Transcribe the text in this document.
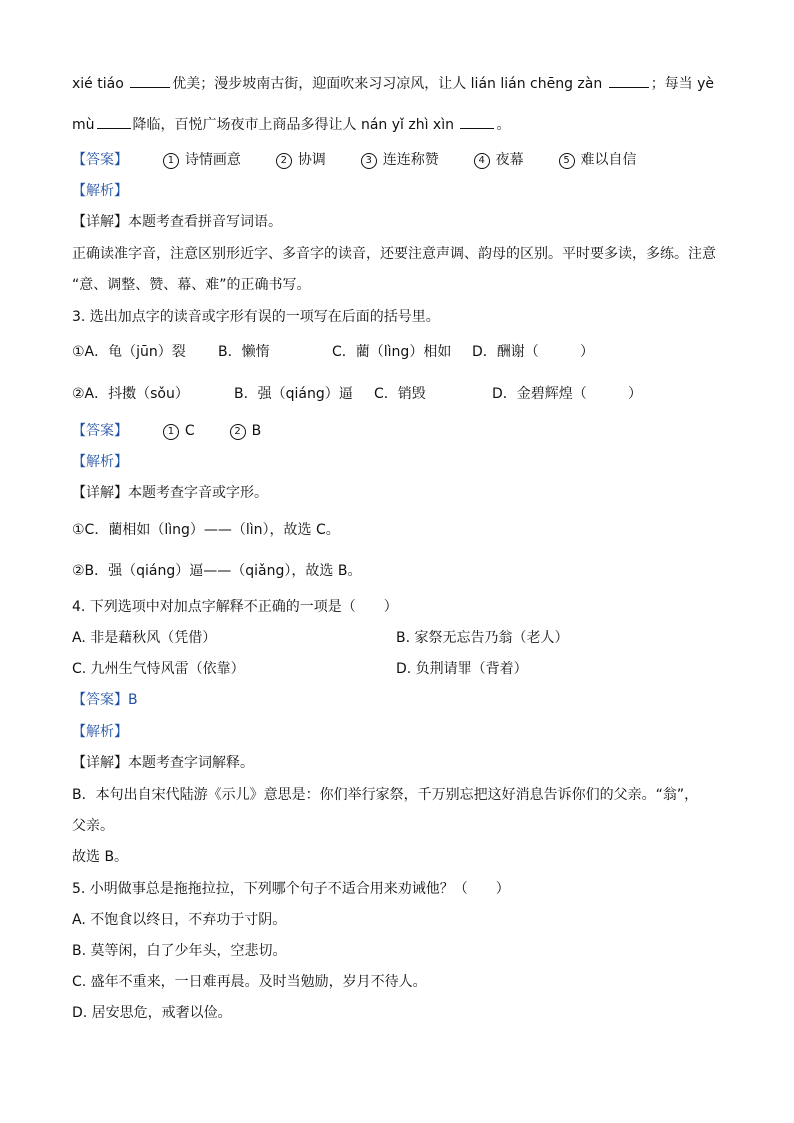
xié tiáo	优美；漫步坡南古街，迎面吹来习习凉风，让人 lián lián chēng zàn	；每当 yè
mù	降临，百悦广场夜市上商品多得让人 nán yǐ zhì xìn	。
【答案】	1 诗情画意	2 协调	3 连连称赞	4 夜幕	5 难以自信
【解析】
【详解】本题考查看拼音写词语。
正确读准字音，注意区别形近字、多音字的读音，还要注意声调、韵母的区别。平时要多读，多练。注意
“意、调整、赞、幕、难”的正确书写。
3. 选出加点字的读音或字形有误的一项写在后面的括号里。
①A．龟（jūn）裂 B．懒惰	C．藺（lìng）相如 D．酬谢（	）
②A．抖擞（sǒu）	B．强（qiáng）逼 C．销毁	D．金碧辉煌（	）
【答案】	1 C	2 B
【解析】
【详解】本题考查字音或字形。
①C．藺相如（lìng）——（lìn），故选 C。
②B．强（qiáng）逼——（qiǎng），故选 B。
4. 下列选项中对加点字解释不正确的一项是（　　）
A. 非是藉秋风（凭借）	B. 家祭无忘告乃翁（老人）
C. 九州生气恃风雷（依靠）	D. 负荆请罪（背着）
【答案】B
【解析】
【详解】本题考查字词解释。
B．本句出自宋代陆游《示儿》意思是：你们举行家祭，千万别忘把这好消息告诉你们的父亲。“翁”，
父亲。
故选 B。
5. 小明做事总是拖拖拉拉，下列哪个句子不适合用来劝诫他？（　　）
A. 不饱食以终日，不弃功于寸阴。
B. 莫等闲，白了少年头，空悲切。
C. 盛年不重来，一日难再晨。及时当勉励，岁月不待人。
D. 居安思危，戒奢以俭。
